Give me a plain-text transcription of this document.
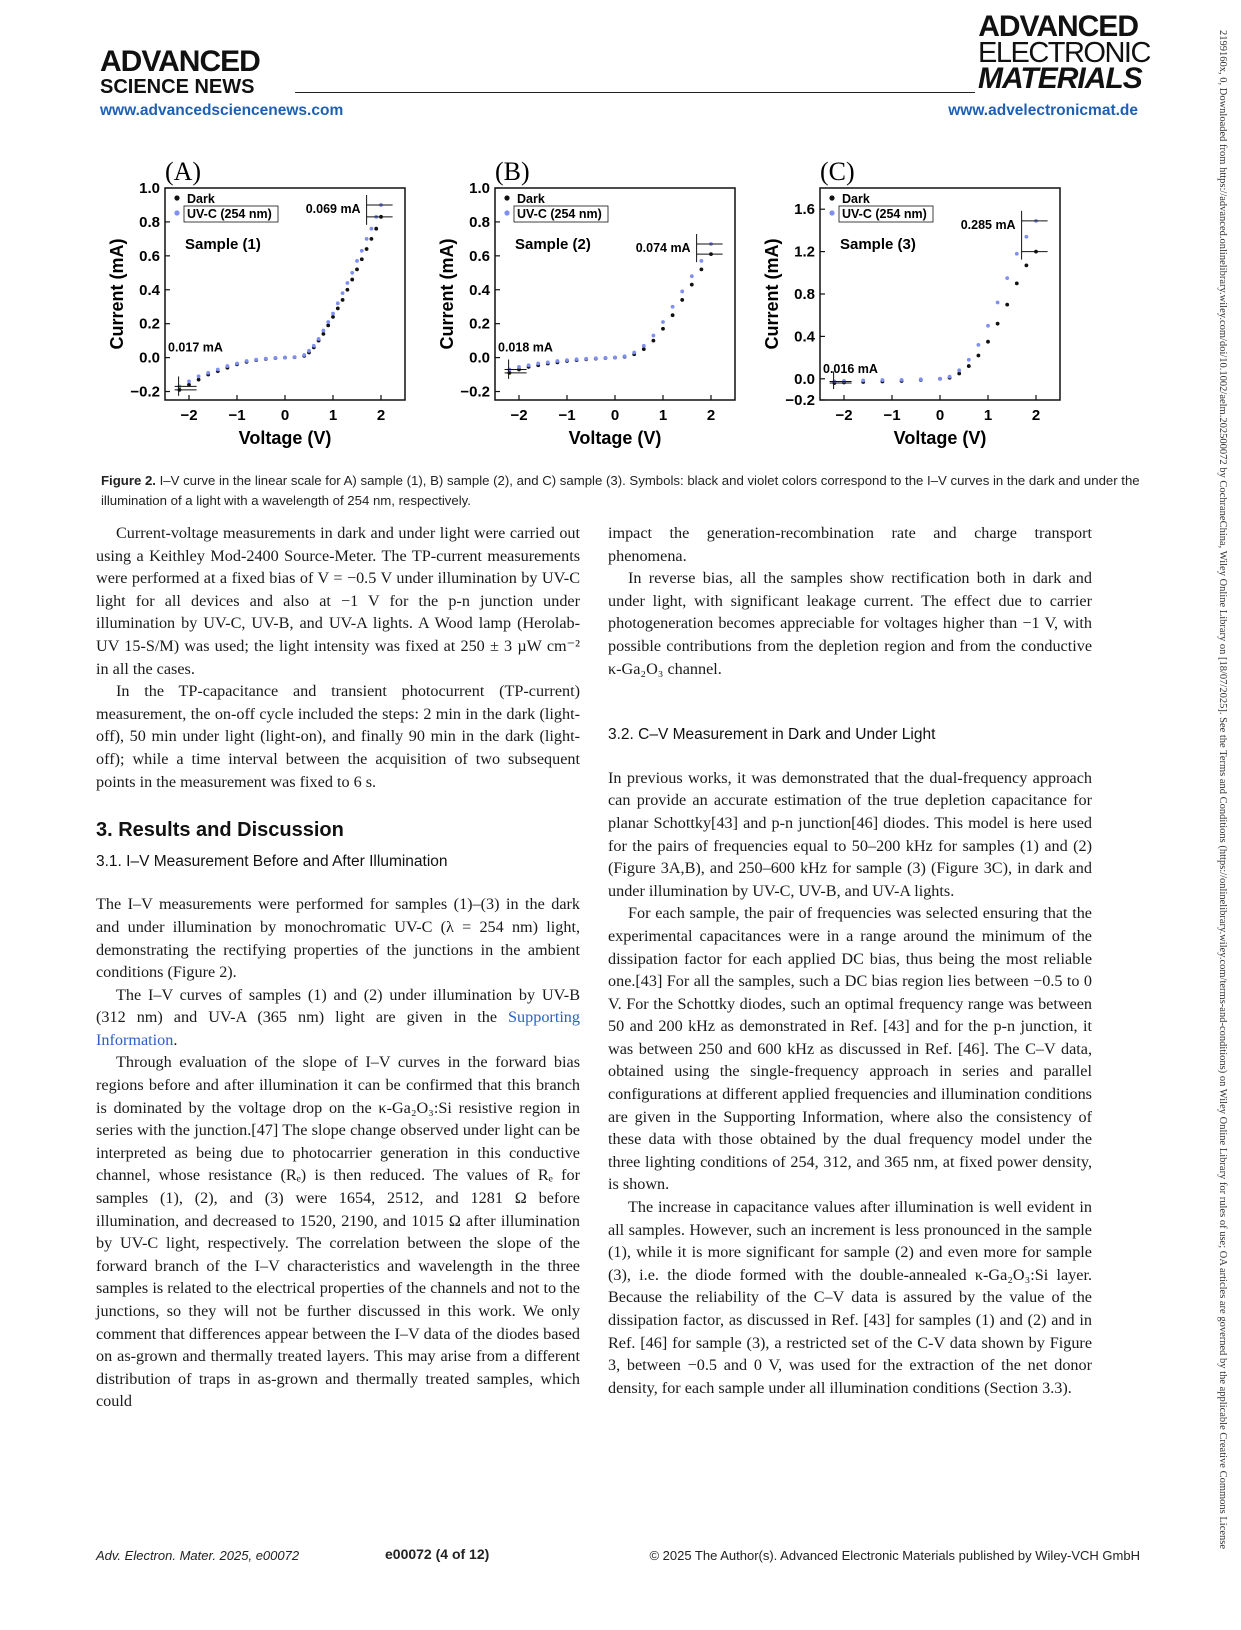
ADVANCED
SCIENCE NEWS
ADVANCED
ELECTRONIC
MATERIALS
www.advancedsciencenews.com	www.advelectronicmat.de	2199160x, 0, Downloaded from https://advanced.onlinelibrary.wiley.com/doi/10.1002/aelm.202500072 by CochraneChina, Wiley Online Library on [18/07/2025]. See the Terms and Conditions (https://onlinelibrary.wiley.com/terms-and-conditions) on Wiley Online Library for rules of use; OA articles are governed by the applicable Creative Commons License
(A)
−2 −1 0	1	2
−0.2
0.0
0.2
0.4
0.6
0.8
1.0
Voltage (V)
Current (mA)
Dark
UV-C (254 nm)
Sample (1)
0.069 mA
0.017 mA
(B)
−2 −1 0	1	2
−0.2
0.0
0.2
0.4
0.6
0.8
1.0
Voltage (V)
Current (mA)
Dark
UV-C (254 nm)
Sample (2)	0.074 mA
0.018 mA
(C)
−2 −1 0	1	2
−0.2
0.0
0.4
0.8
1.2
1.6
Voltage (V)
Current (mA)
Dark
UV-C (254 nm)
Sample (3)
0.285 mA
0.016 mA
Figure 2. I–V curve in the linear scale for A) sample (1), B) sample (2), and C) sample (3). Symbols: black and violet colors correspond to the I–V curves in the dark and under the illumination of a light with a wavelength of 254 nm, respectively.

Current-voltage measurements in dark and under light were carried out using a Keithley Mod-2400 Source-Meter. The TP-current measurements were performed at a fixed bias of V = −0.5 V under illumination by UV-C light for all devices and also at −1 V for the p-n junction under illumination by UV-C, UV-B, and UV-A lights. A Wood lamp (Herolab-UV 15-S/M) was used; the light intensity was fixed at 250 ± 3 µW cm⁻² in all the cases.

In the TP-capacitance and transient photocurrent (TP-current) measurement, the on-off cycle included the steps: 2 min in the dark (light-off), 50 min under light (light-on), and finally 90 min in the dark (light-off); while a time interval between the acquisition of two subsequent points in the measurement was fixed to 6 s.

3. Results and Discussion
3.1. I–V Measurement Before and After Illumination

The I–V measurements were performed for samples (1)–(3) in the dark and under illumination by monochromatic UV-C (λ = 254 nm) light, demonstrating the rectifying properties of the junctions in the ambient conditions (Figure 2).

The I–V curves of samples (1) and (2) under illumination by UV-B (312 nm) and UV-A (365 nm) light are given in the Supporting Information.

Through evaluation of the slope of I–V curves in the forward bias regions before and after illumination it can be confirmed that this branch is dominated by the voltage drop on the κ-Ga₂O₃:Si resistive region in series with the junction.[47] The slope change observed under light can be interpreted as being due to photocarrier generation in this conductive channel, whose resistance (Rₑ) is then reduced. The values of Rₑ for samples (1), (2), and (3) were 1654, 2512, and 1281 Ω before illumination, and decreased to 1520, 2190, and 1015 Ω after illumination by UV-C light, respectively. The correlation between the slope of the forward branch of the I–V characteristics and wavelength in the three samples is related to the electrical properties of the channels and not to the junctions, so they will not be further discussed in this work. We only comment that differences appear between the I–V data of the diodes based on as-grown and thermally treated layers. This may arise from a different distribution of traps in as-grown and thermally treated samples, which could

impact the generation-recombination rate and charge transport phenomena.

In reverse bias, all the samples show rectification both in dark and under light, with significant leakage current. The effect due to carrier photogeneration becomes appreciable for voltages higher than −1 V, with possible contributions from the depletion region and from the conductive κ-Ga₂O₃ channel.

3.2. C–V Measurement in Dark and Under Light

In previous works, it was demonstrated that the dual-frequency approach can provide an accurate estimation of the true depletion capacitance for planar Schottky[43] and p-n junction[46] diodes. This model is here used for the pairs of frequencies equal to 50–200 kHz for samples (1) and (2) (Figure 3A,B), and 250–600 kHz for sample (3) (Figure 3C), in dark and under illumination by UV-C, UV-B, and UV-A lights.

For each sample, the pair of frequencies was selected ensuring that the experimental capacitances were in a range around the minimum of the dissipation factor for each applied DC bias, thus being the most reliable one.[43] For all the samples, such a DC bias region lies between −0.5 to 0 V. For the Schottky diodes, such an optimal frequency range was between 50 and 200 kHz as demonstrated in Ref. [43] and for the p-n junction, it was between 250 and 600 kHz as discussed in Ref. [46]. The C–V data, obtained using the single-frequency approach in series and parallel configurations at different applied frequencies and illumination conditions are given in the Supporting Information, where also the consistency of these data with those obtained by the dual frequency model under the three lighting conditions of 254, 312, and 365 nm, at fixed power density, is shown.

The increase in capacitance values after illumination is well evident in all samples. However, such an increment is less pronounced in the sample (1), while it is more significant for sample (2) and even more for sample (3), i.e. the diode formed with the double-annealed κ-Ga₂O₃:Si layer. Because the reliability of the C–V data is assured by the value of the dissipation factor, as discussed in Ref. [43] for samples (1) and (2) and in Ref. [46] for sample (3), a restricted set of the C-V data shown by Figure 3, between −0.5 and 0 V, was used for the extraction of the net donor density, for each sample under all illumination conditions (Section 3.3).

Adv. Electron. Mater. 2025, e00072	e00072 (4 of 12)	© 2025 The Author(s). Advanced Electronic Materials published by Wiley-VCH GmbH
